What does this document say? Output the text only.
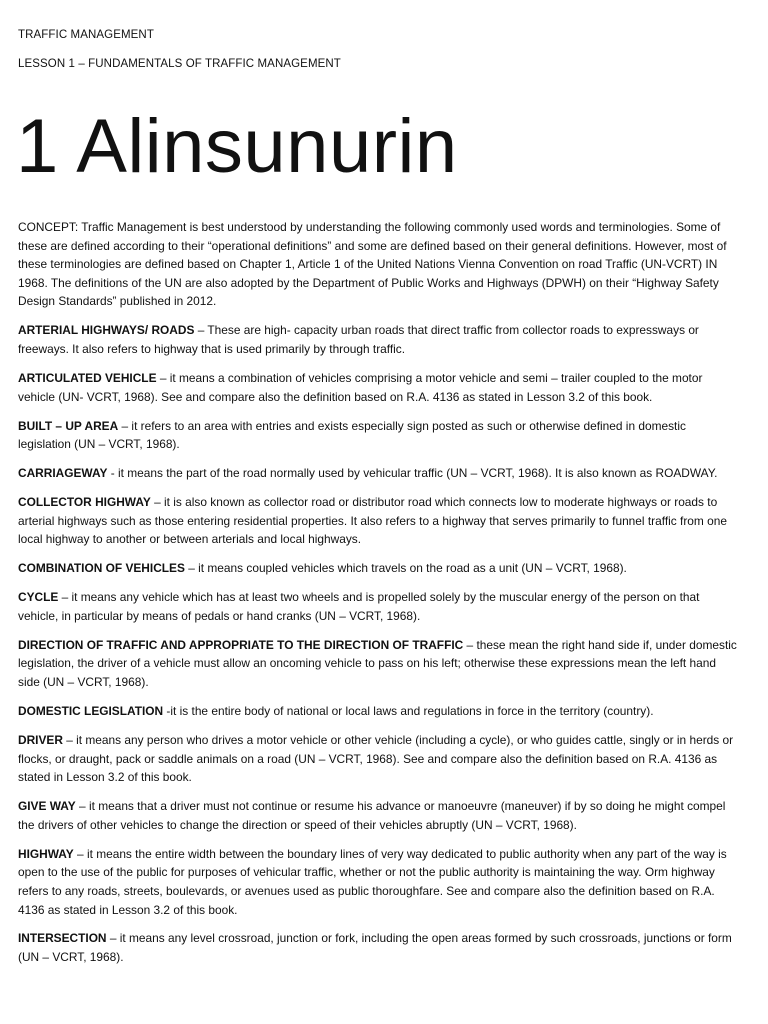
TRAFFIC MANAGEMENT
LESSON 1 – FUNDAMENTALS OF TRAFFIC MANAGEMENT
1 Alinsunurin

CONCEPT: Traffic Management is best understood by understanding the following commonly used words and terminologies. Some of these are defined according to their “operational definitions” and some are defined based on their general definitions. However, most of these terminologies are defined based on Chapter 1, Article 1 of the United Nations Vienna Convention on road Traffic (UN-VCRT) IN 1968. The definitions of the UN are also adopted by the Department of Public Works and Highways (DPWH) on their “Highway Safety Design Standards” published in 2012.

ARTERIAL HIGHWAYS/ ROADS – These are high- capacity urban roads that direct traffic from collector roads to expressways or freeways. It also refers to highway that is used primarily by through traffic.

ARTICULATED VEHICLE – it means a combination of vehicles comprising a motor vehicle and semi – trailer coupled to the motor vehicle (UN- VCRT, 1968). See and compare also the definition based on R.A. 4136 as stated in Lesson 3.2 of this book.

BUILT – UP AREA – it refers to an area with entries and exists especially sign posted as such or otherwise defined in domestic legislation (UN – VCRT, 1968).

CARRIAGEWAY - it means the part of the road normally used by vehicular traffic (UN – VCRT, 1968). It is also known as ROADWAY.

COLLECTOR HIGHWAY – it is also known as collector road or distributor road which connects low to moderate highways or roads to arterial highways such as those entering residential properties. It also refers to a highway that serves primarily to funnel traffic from one local highway to another or between arterials and local highways.

COMBINATION OF VEHICLES – it means coupled vehicles which travels on the road as a unit (UN – VCRT, 1968).

CYCLE – it means any vehicle which has at least two wheels and is propelled solely by the muscular energy of the person on that vehicle, in particular by means of pedals or hand cranks (UN – VCRT, 1968).

DIRECTION OF TRAFFIC AND APPROPRIATE TO THE DIRECTION OF TRAFFIC – these mean the right hand side if, under domestic legislation, the driver of a vehicle must allow an oncoming vehicle to pass on his left; otherwise these expressions mean the left hand side (UN – VCRT, 1968).

DOMESTIC LEGISLATION -it is the entire body of national or local laws and regulations in force in the territory (country).

DRIVER – it means any person who drives a motor vehicle or other vehicle (including a cycle), or who guides cattle, singly or in herds or flocks, or draught, pack or saddle animals on a road (UN – VCRT, 1968). See and compare also the definition based on R.A. 4136 as stated in Lesson 3.2 of this book.

GIVE WAY – it means that a driver must not continue or resume his advance or manoeuvre (maneuver) if by so doing he might compel the drivers of other vehicles to change the direction or speed of their vehicles abruptly (UN – VCRT, 1968).

HIGHWAY – it means the entire width between the boundary lines of very way dedicated to public authority when any part of the way is open to the use of the public for purposes of vehicular traffic, whether or not the public authority is maintaining the way. Orm highway refers to any roads, streets, boulevards, or avenues used as public thoroughfare. See and compare also the definition based on R.A. 4136 as stated in Lesson 3.2 of this book.

INTERSECTION – it means any level crossroad, junction or fork, including the open areas formed by such crossroads, junctions or form (UN – VCRT, 1968).
